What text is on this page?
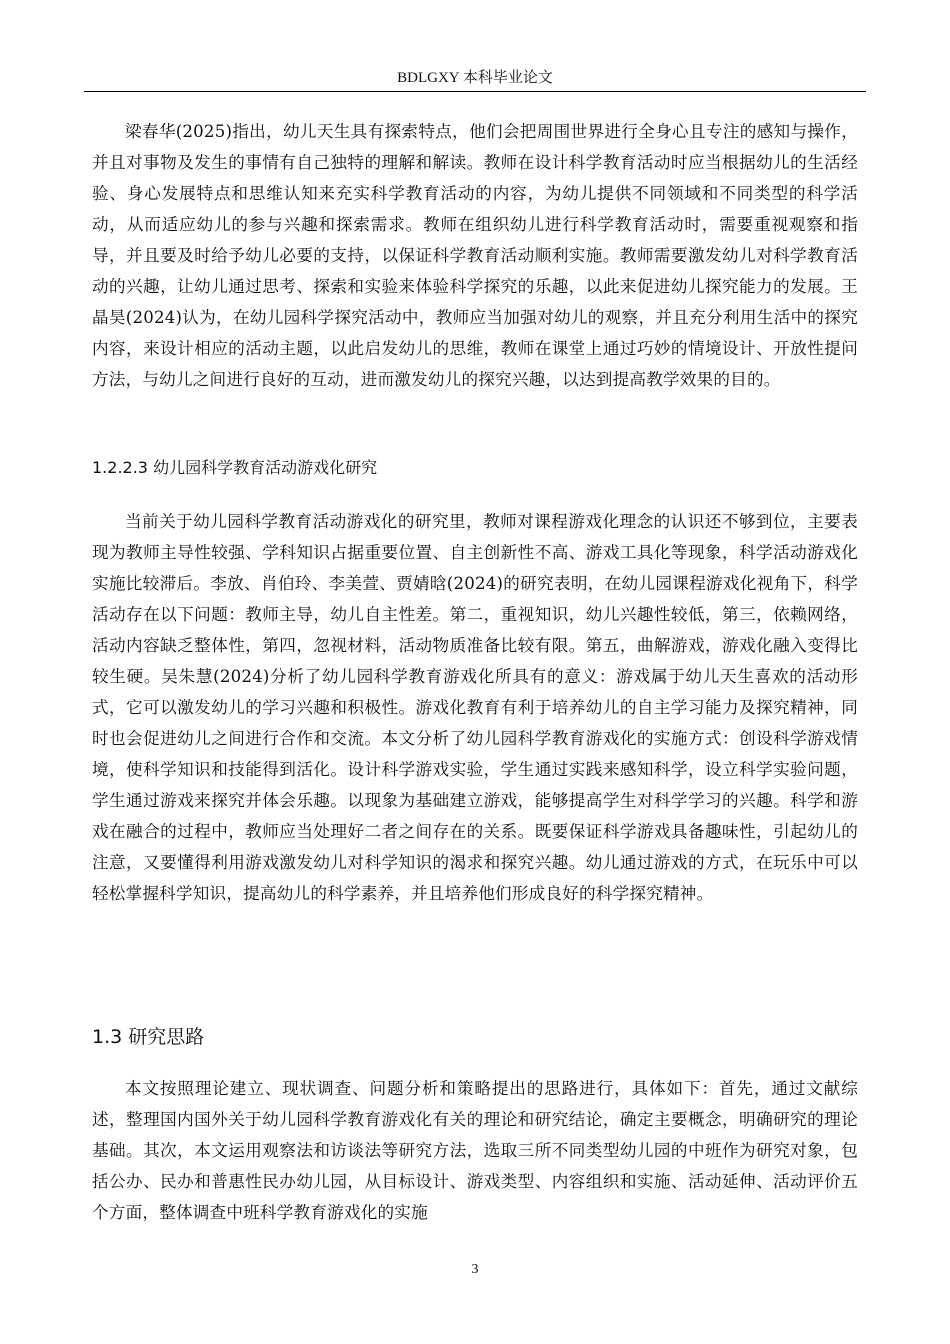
BDLGXY 本科毕业论文

梁春华(2025)指出，幼儿天生具有探索特点，他们会把周围世界进行全身心且专注的感知与操作，并且对事物及发生的事情有自己独特的理解和解读。教师在设计科学教育活动时应当根据幼儿的生活经验、身心发展特点和思维认知来充实科学教育活动的内容，为幼儿提供不同领域和不同类型的科学活动，从而适应幼儿的参与兴趣和探索需求。教师在组织幼儿进行科学教育活动时，需要重视观察和指导，并且要及时给予幼儿必要的支持，以保证科学教育活动顺利实施。教师需要激发幼儿对科学教育活动的兴趣，让幼儿通过思考、探索和实验来体验科学探究的乐趣，以此来促进幼儿探究能力的发展。王晶昊(2024)认为，在幼儿园科学探究活动中，教师应当加强对幼儿的观察，并且充分利用生活中的探究内容，来设计相应的活动主题，以此启发幼儿的思维，教师在课堂上通过巧妙的情境设计、开放性提问方法，与幼儿之间进行良好的互动，进而激发幼儿的探究兴趣，以达到提高教学效果的目的。

1.2.2.3 幼儿园科学教育活动游戏化研究

当前关于幼儿园科学教育活动游戏化的研究里，教师对课程游戏化理念的认识还不够到位，主要表现为教师主导性较强、学科知识占据重要位置、自主创新性不高、游戏工具化等现象，科学活动游戏化实施比较滞后。李放、肖伯玲、李美萱、贾婧晗(2024)的研究表明，在幼儿园课程游戏化视角下，科学活动存在以下问题：教师主导，幼儿自主性差。第二，重视知识，幼儿兴趣性较低，第三，依赖网络，活动内容缺乏整体性，第四，忽视材料，活动物质准备比较有限。第五，曲解游戏，游戏化融入变得比较生硬。吴朱慧(2024)分析了幼儿园科学教育游戏化所具有的意义：游戏属于幼儿天生喜欢的活动形式，它可以激发幼儿的学习兴趣和积极性。游戏化教育有利于培养幼儿的自主学习能力及探究精神，同时也会促进幼儿之间进行合作和交流。本文分析了幼儿园科学教育游戏化的实施方式：创设科学游戏情境，使科学知识和技能得到活化。设计科学游戏实验，学生通过实践来感知科学，设立科学实验问题，学生通过游戏来探究并体会乐趣。以现象为基础建立游戏，能够提高学生对科学学习的兴趣。科学和游戏在融合的过程中，教师应当处理好二者之间存在的关系。既要保证科学游戏具备趣味性，引起幼儿的注意，又要懂得利用游戏激发幼儿对科学知识的渴求和探究兴趣。幼儿通过游戏的方式，在玩乐中可以轻松掌握科学知识，提高幼儿的科学素养，并且培养他们形成良好的科学探究精神。

1.3 研究思路

本文按照理论建立、现状调查、问题分析和策略提出的思路进行，具体如下：首先，通过文献综述，整理国内国外关于幼儿园科学教育游戏化有关的理论和研究结论，确定主要概念，明确研究的理论基础。其次，本文运用观察法和访谈法等研究方法，选取三所不同类型幼儿园的中班作为研究对象，包括公办、民办和普惠性民办幼儿园，从目标设计、游戏类型、内容组织和实施、活动延伸、活动评价五个方面，整体调查中班科学教育游戏化的实施

3
